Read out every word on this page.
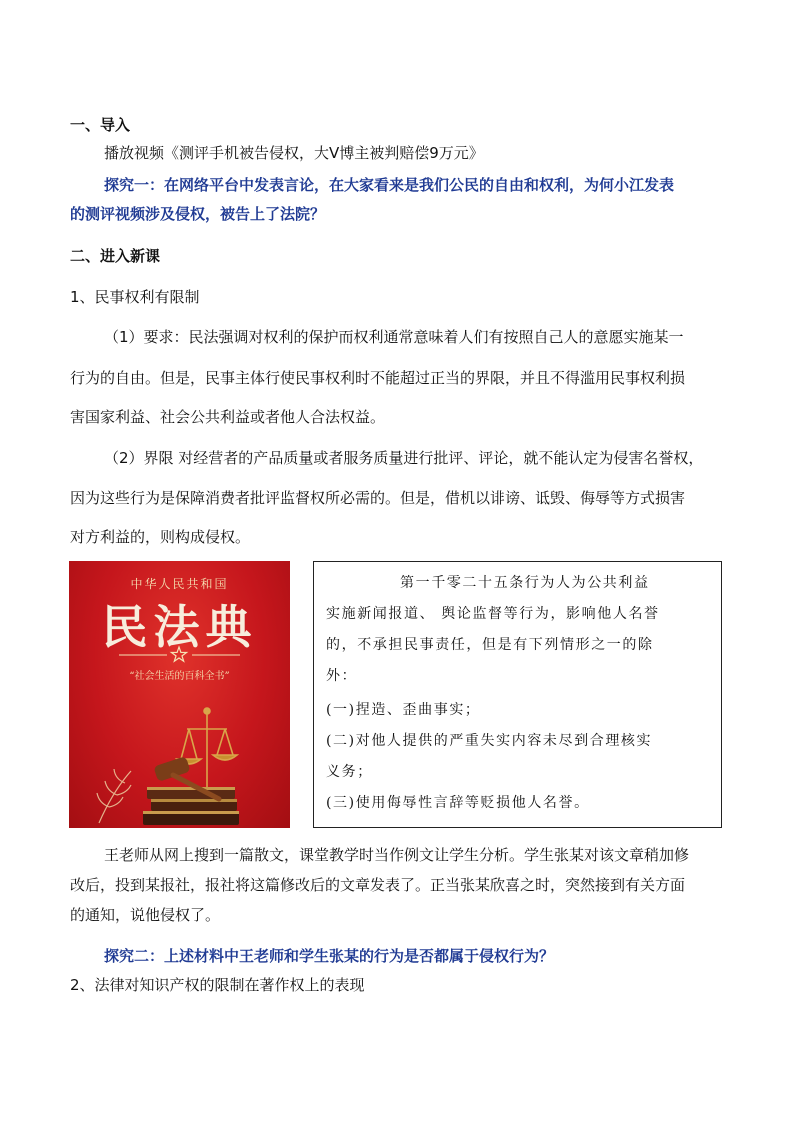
一、导入
播放视频《测评手机被告侵权，大V博主被判赔偿9万元》
探究一：在网络平台中发表言论，在大家看来是我们公民的自由和权利，为何小江发表
的测评视频涉及侵权，被告上了法院？
二、进入新课
1、民事权利有限制
（1）要求：民法强调对权利的保护而权利通常意味着人们有按照自己人的意愿实施某一
行为的自由。但是，民事主体行使民事权利时不能超过正当的界限，并且不得滥用民事权利损
害国家利益、社会公共利益或者他人合法权益。
（2）界限 对经营者的产品质量或者服务质量进行批评、评论，就不能认定为侵害名誉权，
因为这些行为是保障消费者批评监督权所必需的。但是，借机以诽谤、诋毁、侮辱等方式损害
对方利益的，则构成侵权。
中华人民共和国
民法典
“社会生活的百科全书”
第一千零二十五条行为人为公共利益
实施新闻报道、 舆论监督等行为，影响他人名誉
的，不承担民事责任，但是有下列情形之一的除
外：
(一)捏造、歪曲事实；
(二)对他人提供的严重失实内容未尽到合理核实
义务；
(三)使用侮辱性言辞等贬损他人名誉。
王老师从网上搜到一篇散文，课堂教学时当作例文让学生分析。学生张某对该文章稍加修
改后，投到某报社，报社将这篇修改后的文章发表了。正当张某欣喜之时，突然接到有关方面
的通知，说他侵权了。
探究二：上述材料中王老师和学生张某的行为是否都属于侵权行为？
2、法律对知识产权的限制在著作权上的表现
